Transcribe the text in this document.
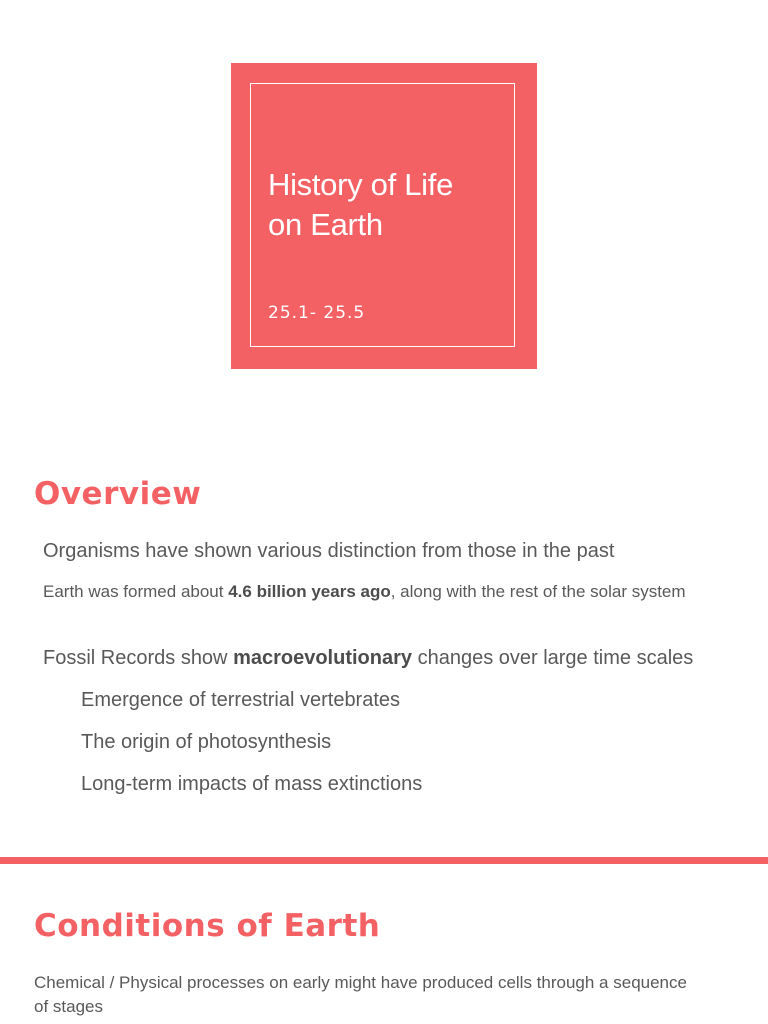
History of Life
on Earth
25.1- 25.5
Overview
Organisms have shown various distinction from those in the past
Earth was formed about 4.6 billion years ago, along with the rest of the solar system
Fossil Records show macroevolutionary changes over large time scales
Emergence of terrestrial vertebrates
The origin of photosynthesis
Long-term impacts of mass extinctions
Conditions of Earth
Chemical / Physical processes on early might have produced cells through a sequence of stages
